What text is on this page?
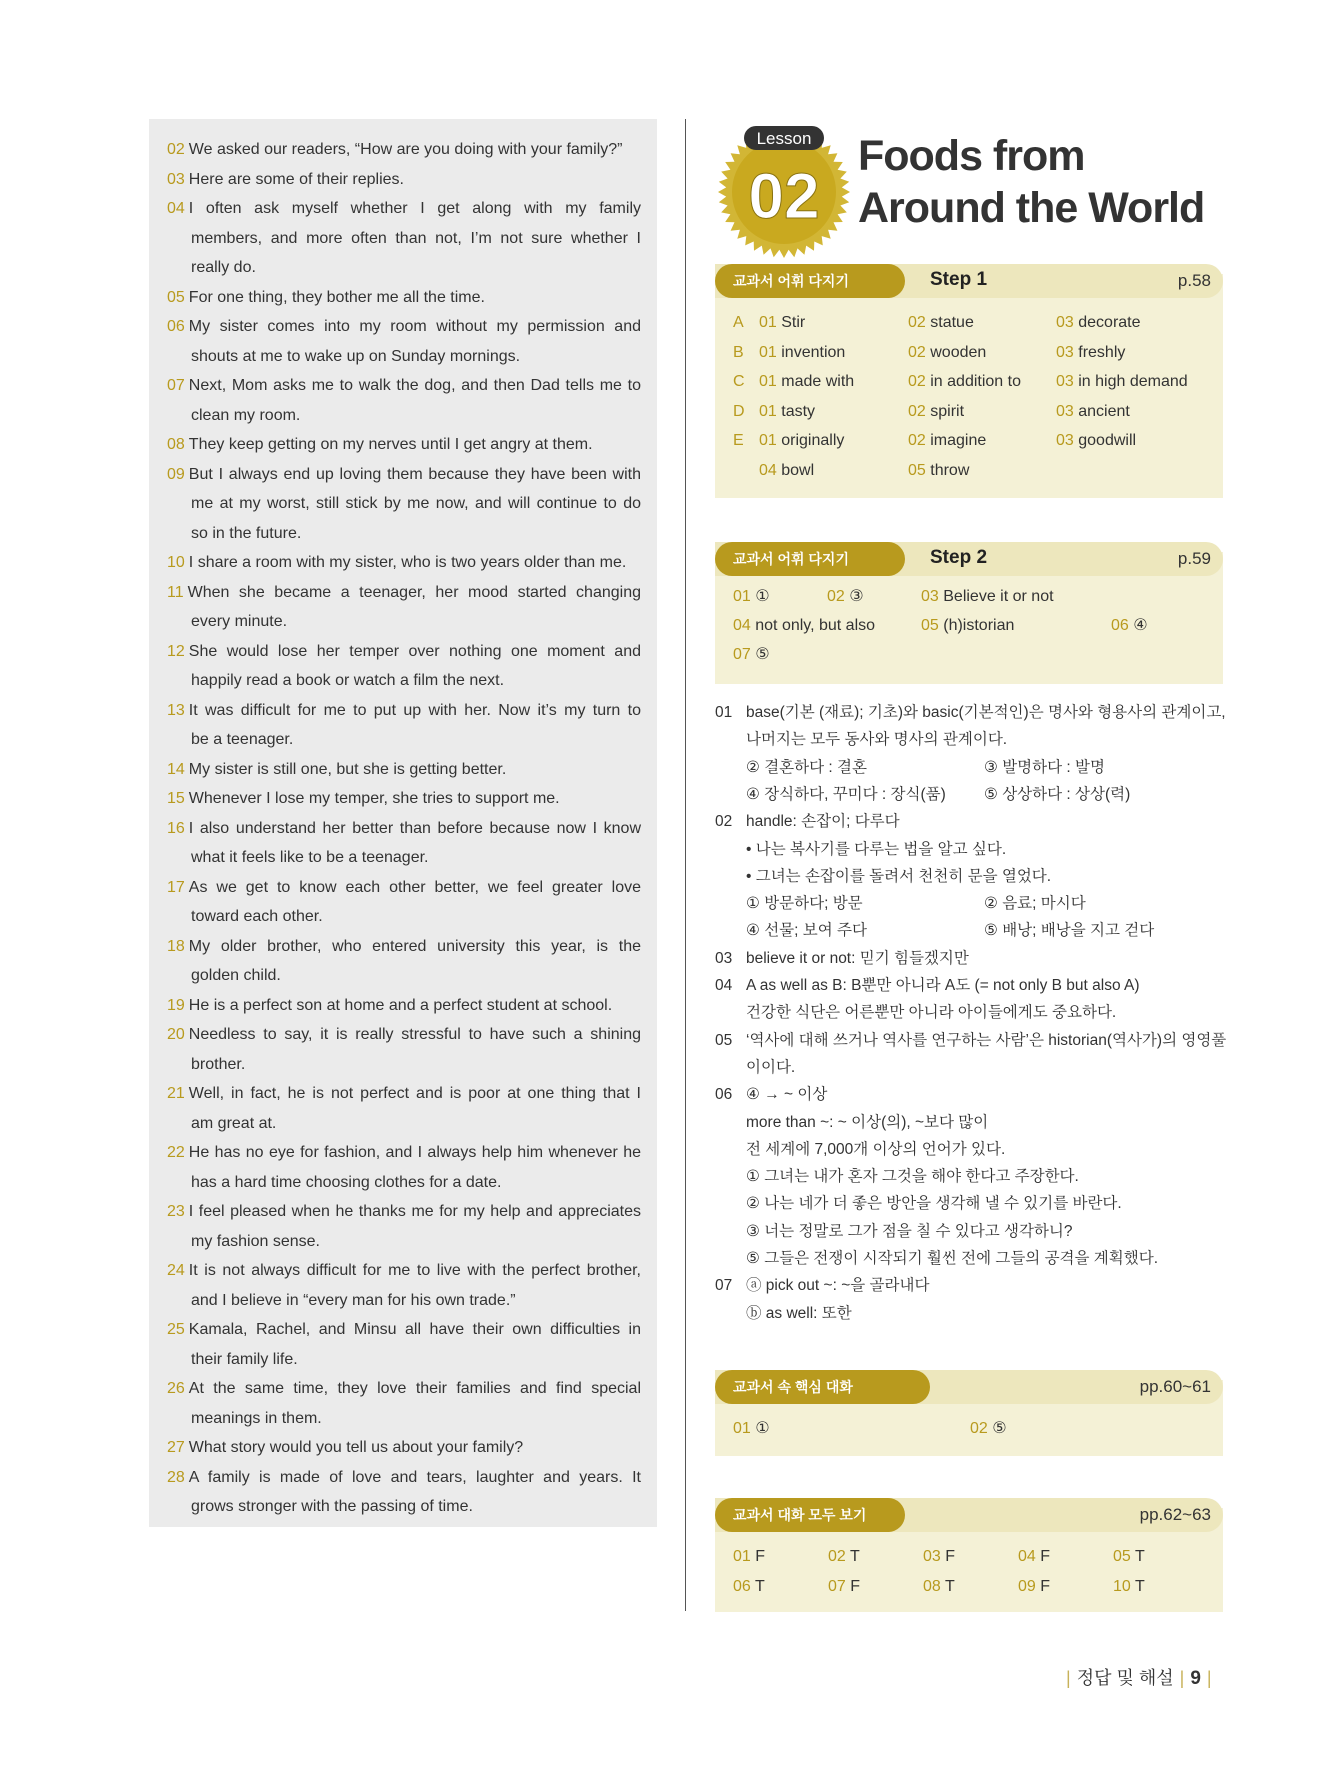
02 We asked our readers, “How are you doing with your family?”
03 Here are some of their replies.
04 I often ask myself whether I get along with my family
members, and more often than not, I’m not sure whether I
really do.
05 For one thing, they bother me all the time.
06 My sister comes into my room without my permission and
shouts at me to wake up on Sunday mornings.
07 Next, Mom asks me to walk the dog, and then Dad tells me to
clean my room.
08 They keep getting on my nerves until I get angry at them.
09 But I always end up loving them because they have been with
me at my worst, still stick by me now, and will continue to do
so in the future.
10 I share a room with my sister, who is two years older than me.
11 When she became a teenager, her mood started changing
every minute.
12 She would lose her temper over nothing one moment and
happily read a book or watch a film the next.
13 It was difficult for me to put up with her. Now it’s my turn to
be a teenager.
14 My sister is still one, but she is getting better.
15 Whenever I lose my temper, she tries to support me.
16 I also understand her better than before because now I know
what it feels like to be a teenager.
17 As we get to know each other better, we feel greater love
toward each other.
18 My older brother, who entered university this year, is the
golden child.
19 He is a perfect son at home and a perfect student at school.
20 Needless to say, it is really stressful to have such a shining
brother.
21 Well, in fact, he is not perfect and is poor at one thing that I
am great at.
22 He has no eye for fashion, and I always help him whenever he
has a hard time choosing clothes for a date.
23 I feel pleased when he thanks me for my help and appreciates
my fashion sense.
24 It is not always difficult for me to live with the perfect brother,
and I believe in “every man for his own trade.”
25 Kamala, Rachel, and Minsu all have their own difficulties in
their family life.
26 At the same time, they love their families and find special
meanings in them.
27 What story would you tell us about your family?
28 A family is made of love and tears, laughter and years. It
grows stronger with the passing of time.
Lesson
02
Foods from
Around the World
A 01 Stir	02 statue	03 decorate
B 01 invention	02 wooden	03 freshly
C 01 made with	02 in addition to 03 in high demand
D 01 tasty	02 spirit	03 ancient
E 01 originally	02 imagine	03 goodwill
04 bowl	05 throw
교과서 어휘 다지기	Step 1	p.58
01 ①	02 ③	03 Believe it or not
04 not only, but also	05 (h)istorian	06 ④
07 ⑤
교과서 어휘 다지기	Step 2	p.59
01 base(기본 (재료); 기초)와 basic(기본적인)은 명사와 형용사의 관계이고,
나머지는 모두 동사와 명사의 관계이다.
② 결혼하다 : 결혼	③ 발명하다 : 발명
④ 장식하다, 꾸미다 : 장식(품) ⑤ 상상하다 : 상상(력)
02 handle: 손잡이; 다루다
• 나는 복사기를 다루는 법을 알고 싶다.
• 그녀는 손잡이를 돌려서 천천히 문을 열었다.
① 방문하다; 방문	② 음료; 마시다
④ 선물; 보여 주다	⑤ 배낭; 배낭을 지고 걷다
03 believe it or not: 믿기 힘들겠지만
04 A as well as B: B뿐만 아니라 A도 (= not only B but also A)
건강한 식단은 어른뿐만 아니라 아이들에게도 중요하다.
05 ‘역사에 대해 쓰거나 역사를 연구하는 사람’은 historian(역사가)의 영영풀
이이다.
06 ④ → ~ 이상
more than ~: ~ 이상(의), ~보다 많이
전 세계에 7,000개 이상의 언어가 있다.
① 그녀는 내가 혼자 그것을 해야 한다고 주장한다.
② 나는 네가 더 좋은 방안을 생각해 낼 수 있기를 바란다.
③ 너는 정말로 그가 점을 칠 수 있다고 생각하니?
⑤ 그들은 전쟁이 시작되기 훨씬 전에 그들의 공격을 계획했다.
07 ⓐ pick out ~: ~을 골라내다
ⓑ as well: 또한
01 ①	02 ⑤
교과서 속 핵심 대화	pp.60~61
01 F	02 T	03 F	04 F	05 T
06 T	07 F	08 T	09 F	10 T
교과서 대화 모두 보기	pp.62~63
| 정답 및 해설 | 9 |
